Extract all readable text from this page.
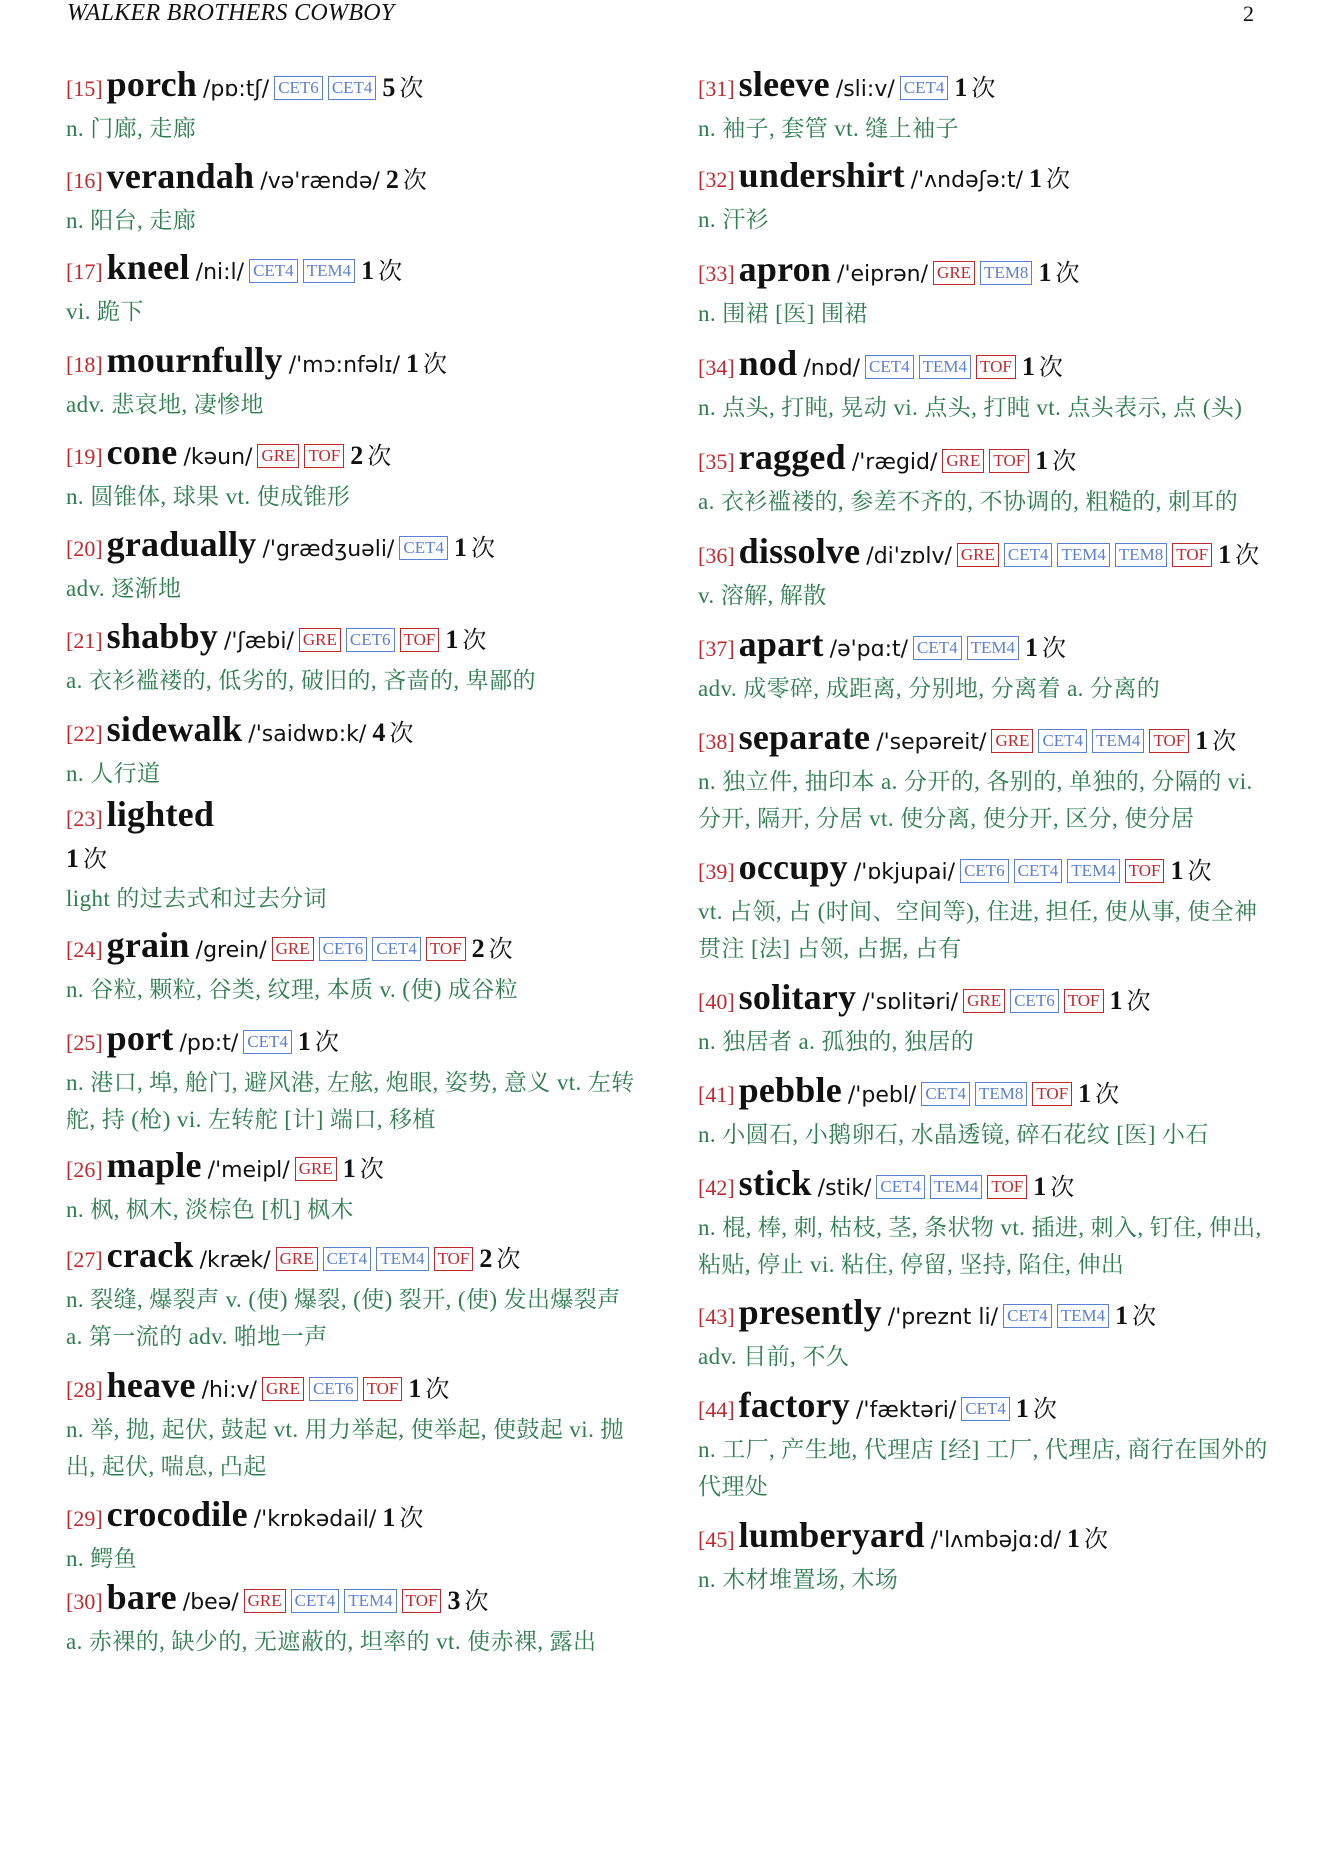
WALKER BROTHERS COWBOY	2
[15] porch /pɒ:tʃ/ CET6 CET4 5 次

n. 门廊, 走廊

[16] verandah /və'rændə/ 2 次

n. 阳台, 走廊

[17] kneel /ni:l/ CET4 TEM4 1 次

vi. 跪下

[18] mournfully /'mɔ:nfəlɪ/ 1 次

adv. 悲哀地, 凄惨地

[19] cone /kəun/ GRE TOF 2 次

n. 圆锥体, 球果 vt. 使成锥形

[20] gradually /'grædʒuəli/ CET4 1 次

adv. 逐渐地

[21] shabby /'ʃæbi/ GRE CET6 TOF 1 次

a. 衣衫褴褛的, 低劣的, 破旧的, 吝啬的, 卑鄙的

[22] sidewalk /'saidwɒ:k/ 4 次

n. 人行道

[23] lighted
1 次

light 的过去式和过去分词

[24] grain /grein/ GRE CET6 CET4 TOF 2 次

n. 谷粒, 颗粒, 谷类, 纹理, 本质 v. (使) 成谷粒

[25] port /pɒ:t/ CET4 1 次

n. 港口, 埠, 舱门, 避风港, 左舷, 炮眼, 姿势, 意义 vt. 左转舵, 持 (枪) vi. 左转舵 [计] 端口, 移植

[26] maple /'meipl/ GRE 1 次

n. 枫, 枫木, 淡棕色 [机] 枫木

[27] crack /kræk/ GRE CET4 TEM4 TOF 2 次

n. 裂缝, 爆裂声 v. (使) 爆裂, (使) 裂开, (使) 发出爆裂声 a. 第一流的 adv. 啪地一声

[28] heave /hi:v/ GRE CET6 TOF 1 次

n. 举, 抛, 起伏, 鼓起 vt. 用力举起, 使举起, 使鼓起 vi. 抛出, 起伏, 喘息, 凸起

[29] crocodile /'krɒkədail/ 1 次

n. 鳄鱼

[30] bare /beə/ GRE CET4 TEM4 TOF 3 次

a. 赤裸的, 缺少的, 无遮蔽的, 坦率的 vt. 使赤裸, 露出

[31] sleeve /sli:v/ CET4 1 次

n. 袖子, 套管 vt. 缝上袖子

[32] undershirt /'ʌndəʃə:t/ 1 次

n. 汗衫

[33] apron /'eiprən/ GRE TEM8 1 次

n. 围裙 [医] 围裙

[34] nod /nɒd/ CET4 TEM4 TOF 1 次

n. 点头, 打盹, 晃动 vi. 点头, 打盹 vt. 点头表示, 点 (头)

[35] ragged /'rægid/ GRE TOF 1 次

a. 衣衫褴褛的, 参差不齐的, 不协调的, 粗糙的, 刺耳的

[36] dissolve /di'zɒlv/ GRE CET4 TEM4 TEM8 TOF 1 次

v. 溶解, 解散

[37] apart /ə'pɑ:t/ CET4 TEM4 1 次

adv. 成零碎, 成距离, 分别地, 分离着 a. 分离的

[38] separate /'sepəreit/ GRE CET4 TEM4 TOF 1 次

n. 独立件, 抽印本 a. 分开的, 各别的, 单独的, 分隔的 vi. 分开, 隔开, 分居 vt. 使分离, 使分开, 区分, 使分居

[39] occupy /'ɒkjupai/ CET6 CET4 TEM4 TOF 1 次

vt. 占领, 占 (时间、空间等), 住进, 担任, 使从事, 使全神贯注 [法] 占领, 占据, 占有

[40] solitary /'sɒlitəri/ GRE CET6 TOF 1 次

n. 独居者 a. 孤独的, 独居的

[41] pebble /'pebl/ CET4 TEM8 TOF 1 次

n. 小圆石, 小鹅卵石, 水晶透镜, 碎石花纹 [医] 小石

[42] stick /stik/ CET4 TEM4 TOF 1 次

n. 棍, 棒, 刺, 枯枝, 茎, 条状物 vt. 插进, 刺入, 钉住, 伸出, 粘贴, 停止 vi. 粘住, 停留, 坚持, 陷住, 伸出

[43] presently /'preznt li/ CET4 TEM4 1 次

adv. 目前, 不久

[44] factory /'fæktəri/ CET4 1 次

n. 工厂, 产生地, 代理店 [经] 工厂, 代理店, 商行在国外的代理处

[45] lumberyard /'lʌmbəjɑ:d/ 1 次

n. 木材堆置场, 木场
